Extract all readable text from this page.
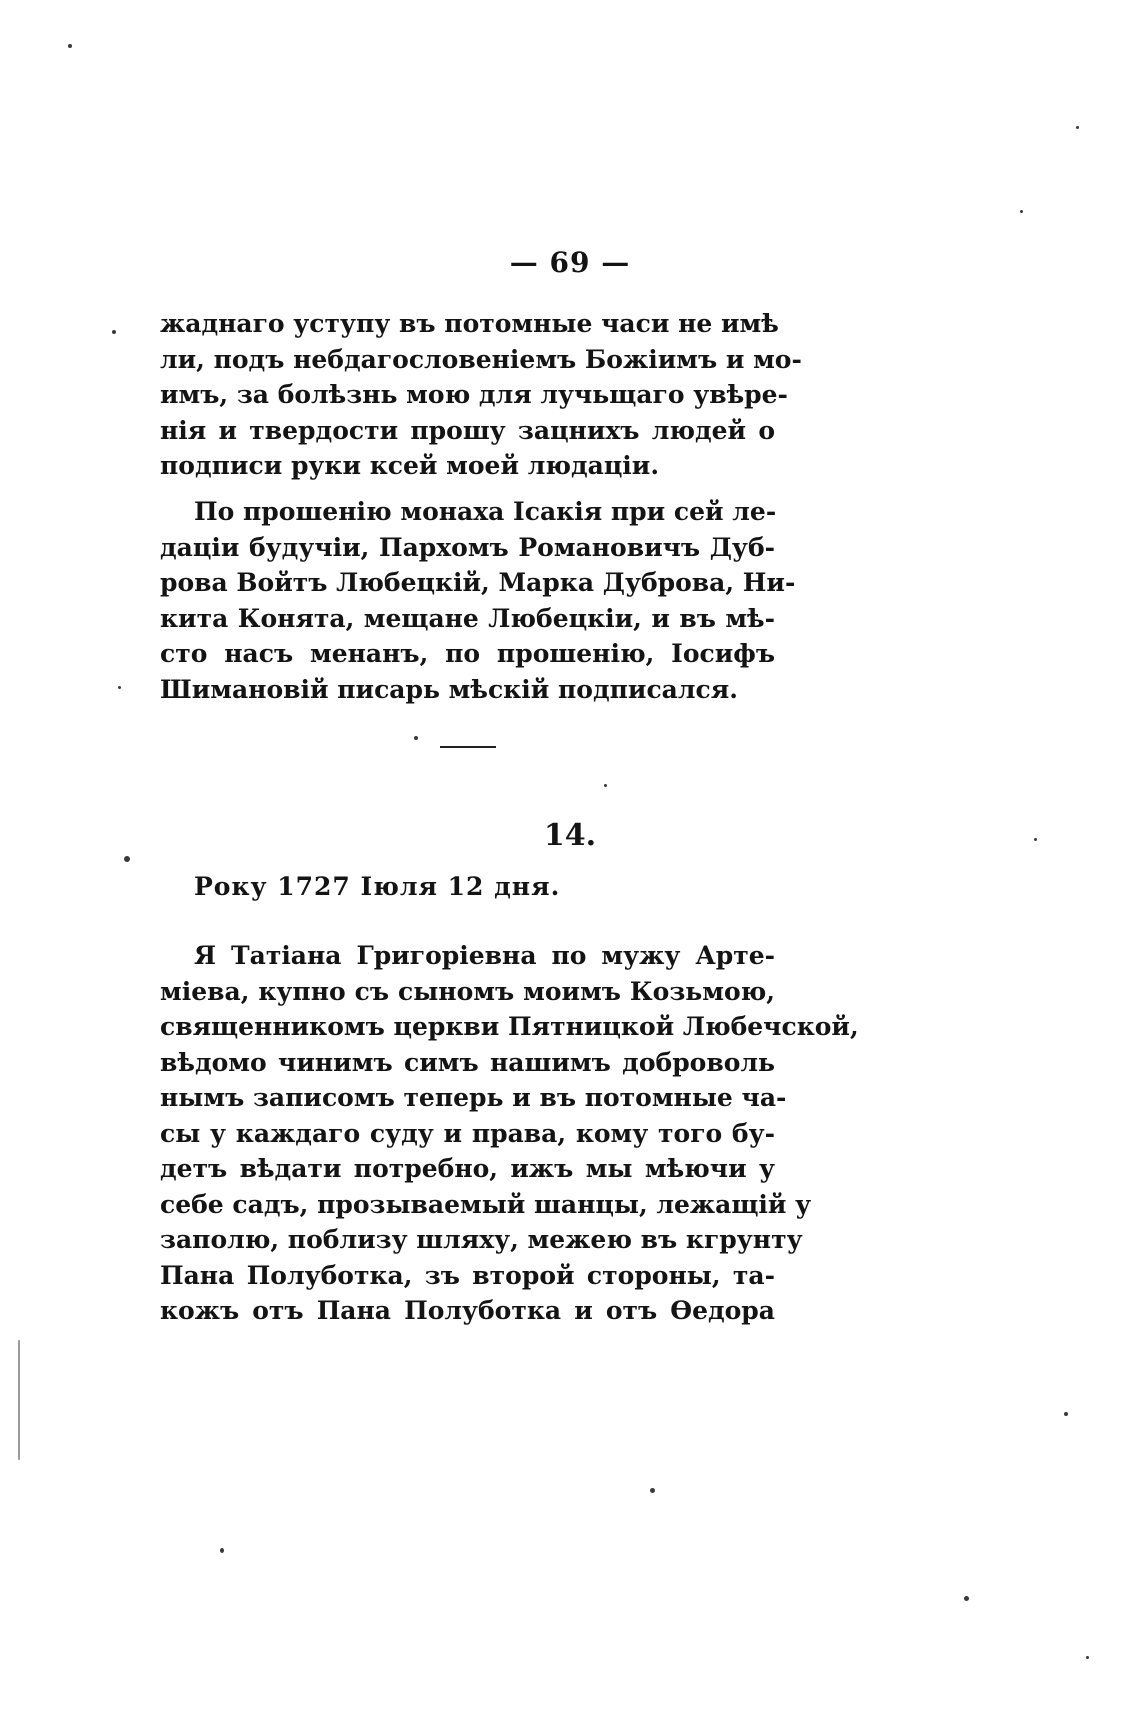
— 69 —
жаднаго уступу въ потомные часи не имѣ
ли, подъ небдагословенiемъ Божiимъ и мо-
имъ, за болѣзнь мою для лучьщаго увѣре-
нiя и твердости прошу зацнихъ людей о
подписи руки ксей моей людацiи.
По прошенiю монаха Iсакiя при сей ле-
дацiи будучiи, Пархомъ Романовичъ Дуб-
рова Войтъ Любецкiй, Марка Дуброва, Ни-
кита Конята, мещане Любецкiи, и въ мѣ-
сто насъ менанъ, по прошенiю, Iосифъ
Шимановiй писарь мѣскiй подписался.
14.
Року 1727 Iюля 12 дня.
Я Татiана Григорiевна по мужу Арте-
мiева, купно съ сыномъ моимъ Козьмою,
священникомъ церкви Пятницкой Любечской,
вѣдомо чинимъ симъ нашимъ доброволь
нымъ записомъ теперь и въ потомные ча-
сы у каждаго суду и права, кому того бу-
детъ вѣдати потребно, ижъ мы мѣючи у
себе садъ, прозываемый шанцы, лежащiй у
заполю, поблизу шляху, межею въ кгрунту
Пана Полуботка, зъ второй стороны, та-
кожъ отъ Пана Полуботка и отъ Өедора
